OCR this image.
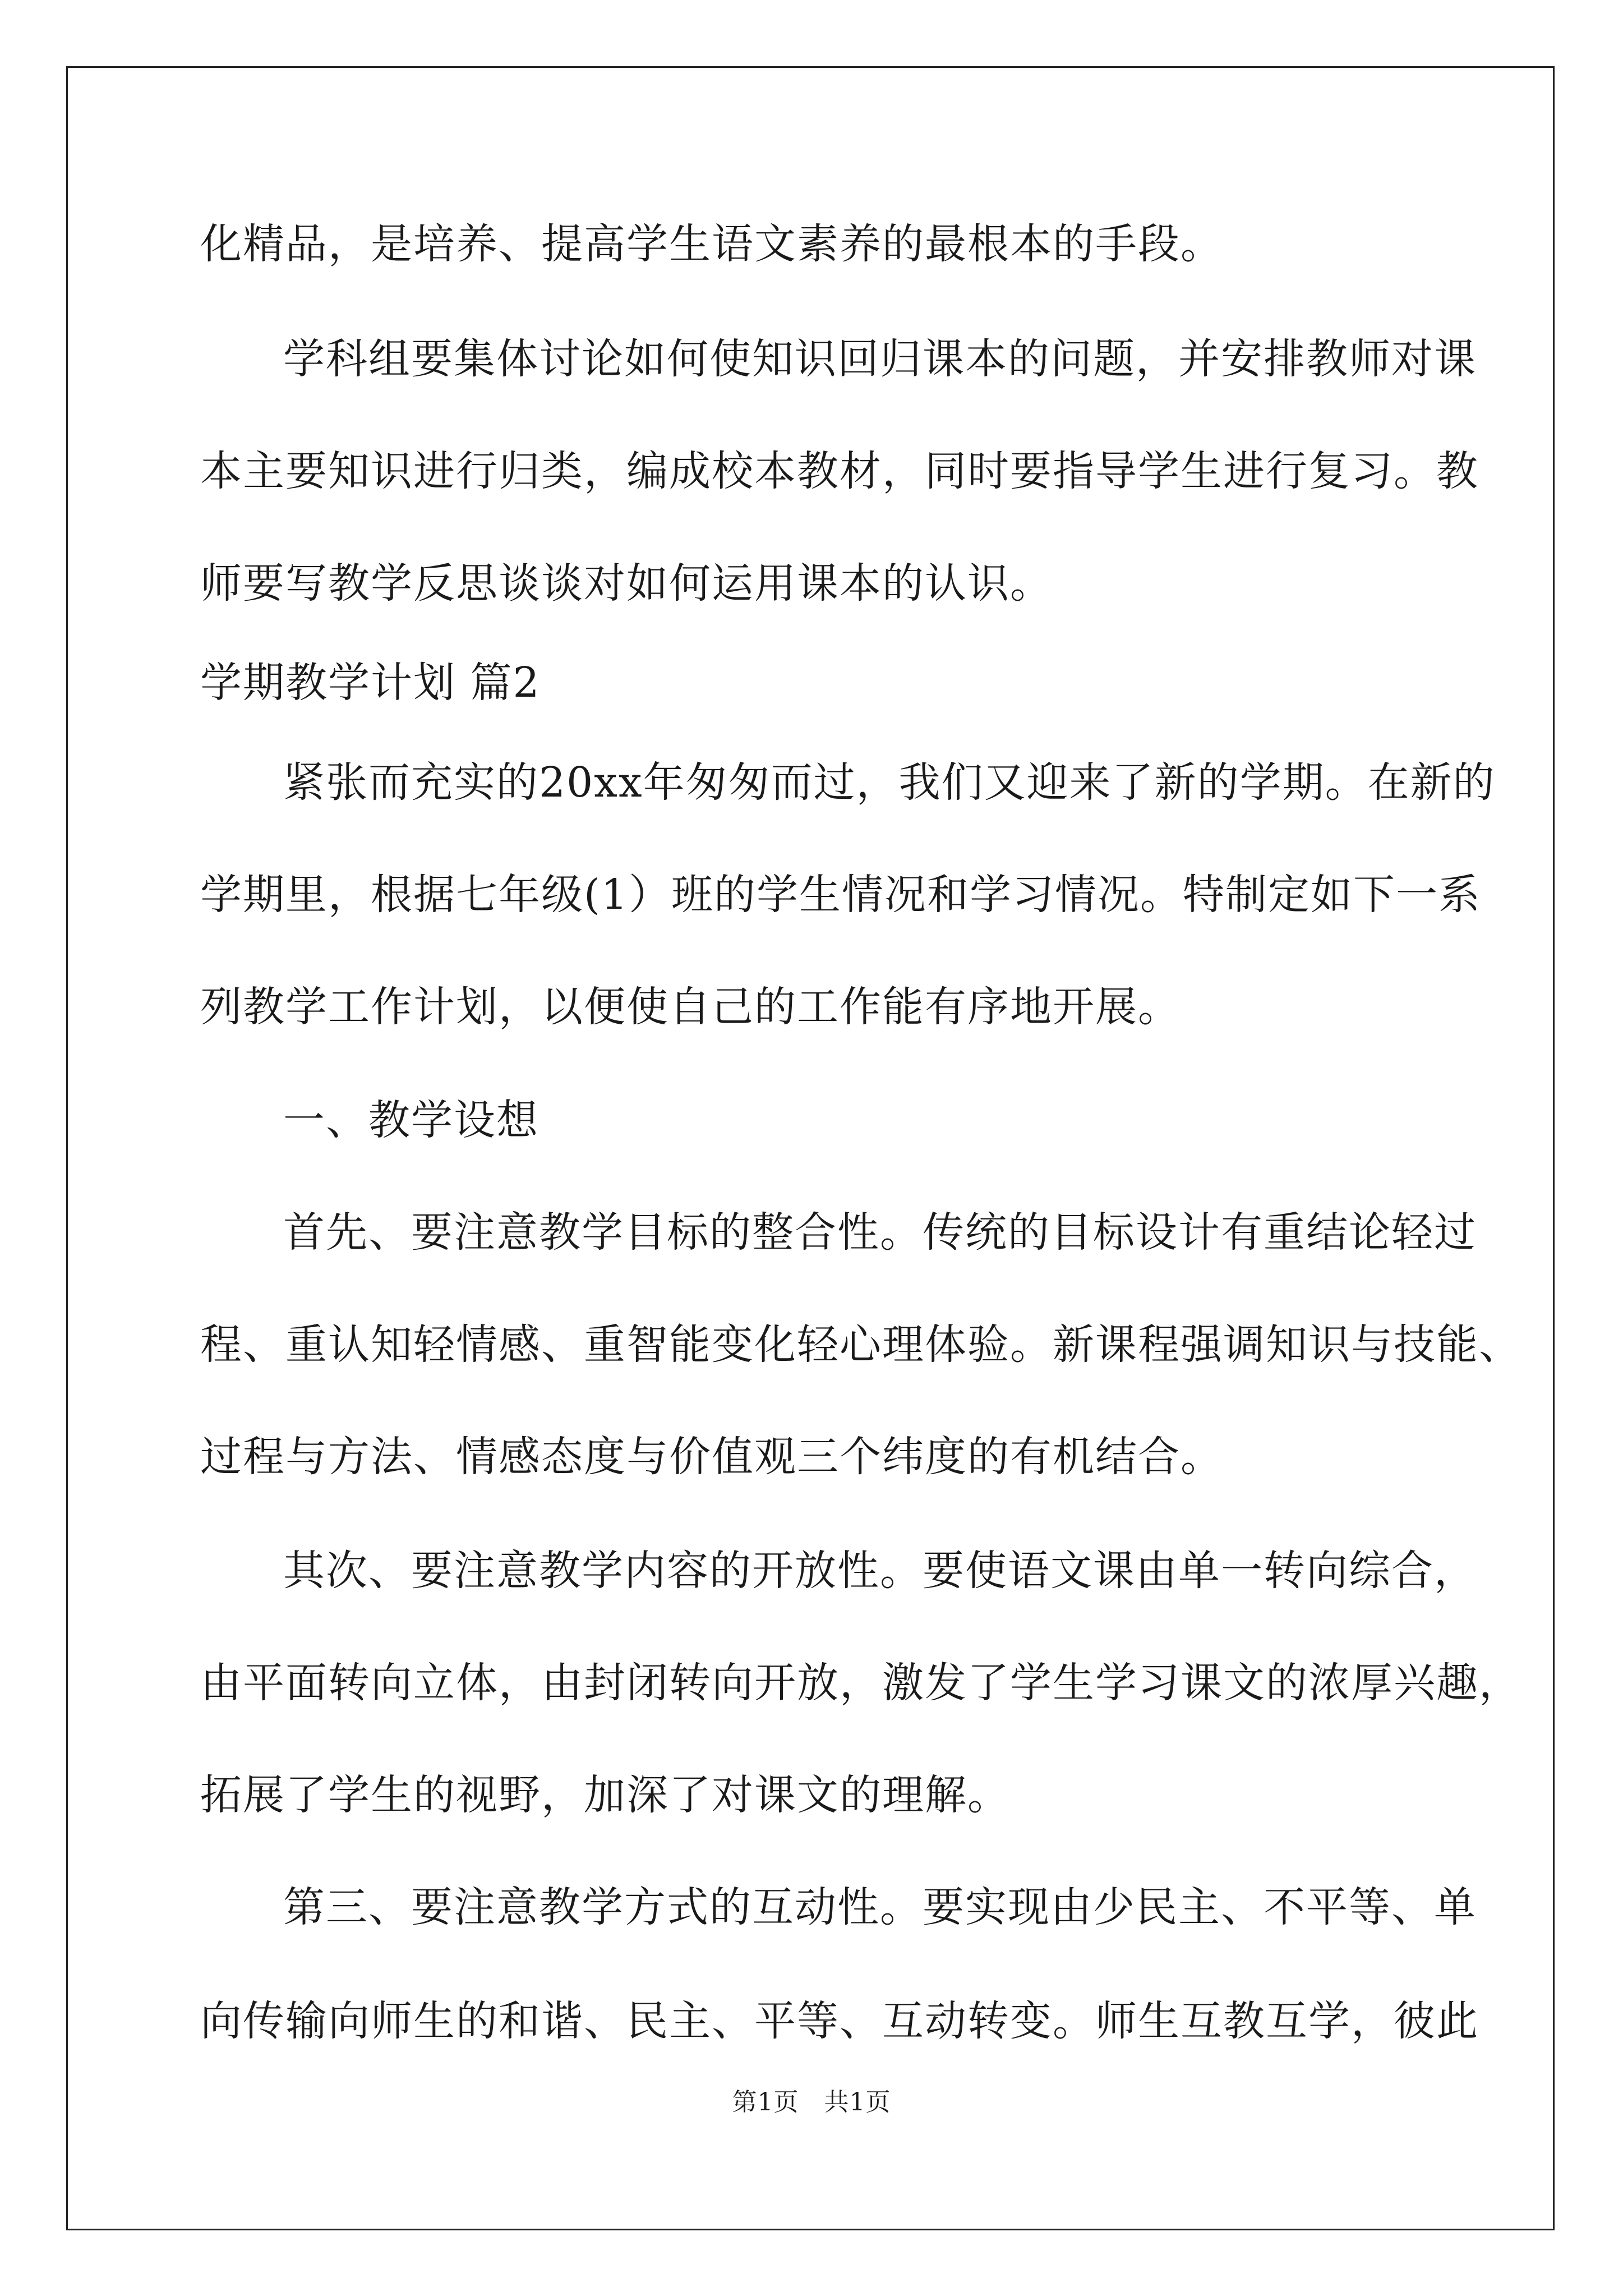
化精品，是培养、提高学生语文素养的最根本的手段。
学科组要集体讨论如何使知识回归课本的问题，并安排教师对课
本主要知识进行归类，编成校本教材，同时要指导学生进行复习。教
师要写教学反思谈谈对如何运用课本的认识。
学期教学计划 篇2
紧张而充实的20xx年匆匆而过，我们又迎来了新的学期。在新的
学期里，根据七年级(1）班的学生情况和学习情况。特制定如下一系
列教学工作计划，以便使自己的工作能有序地开展。
一、教学设想
首先、要注意教学目标的整合性。传统的目标设计有重结论轻过
程、重认知轻情感、重智能变化轻心理体验。新课程强调知识与技能、
过程与方法、情感态度与价值观三个纬度的有机结合。
其次、要注意教学内容的开放性。要使语文课由单一转向综合，
由平面转向立体，由封闭转向开放，激发了学生学习课文的浓厚兴趣，
拓展了学生的视野，加深了对课文的理解。
第三、要注意教学方式的互动性。要实现由少民主、不平等、单
向传输向师生的和谐、民主、平等、互动转变。师生互教互学，彼此
第1页　共1页
